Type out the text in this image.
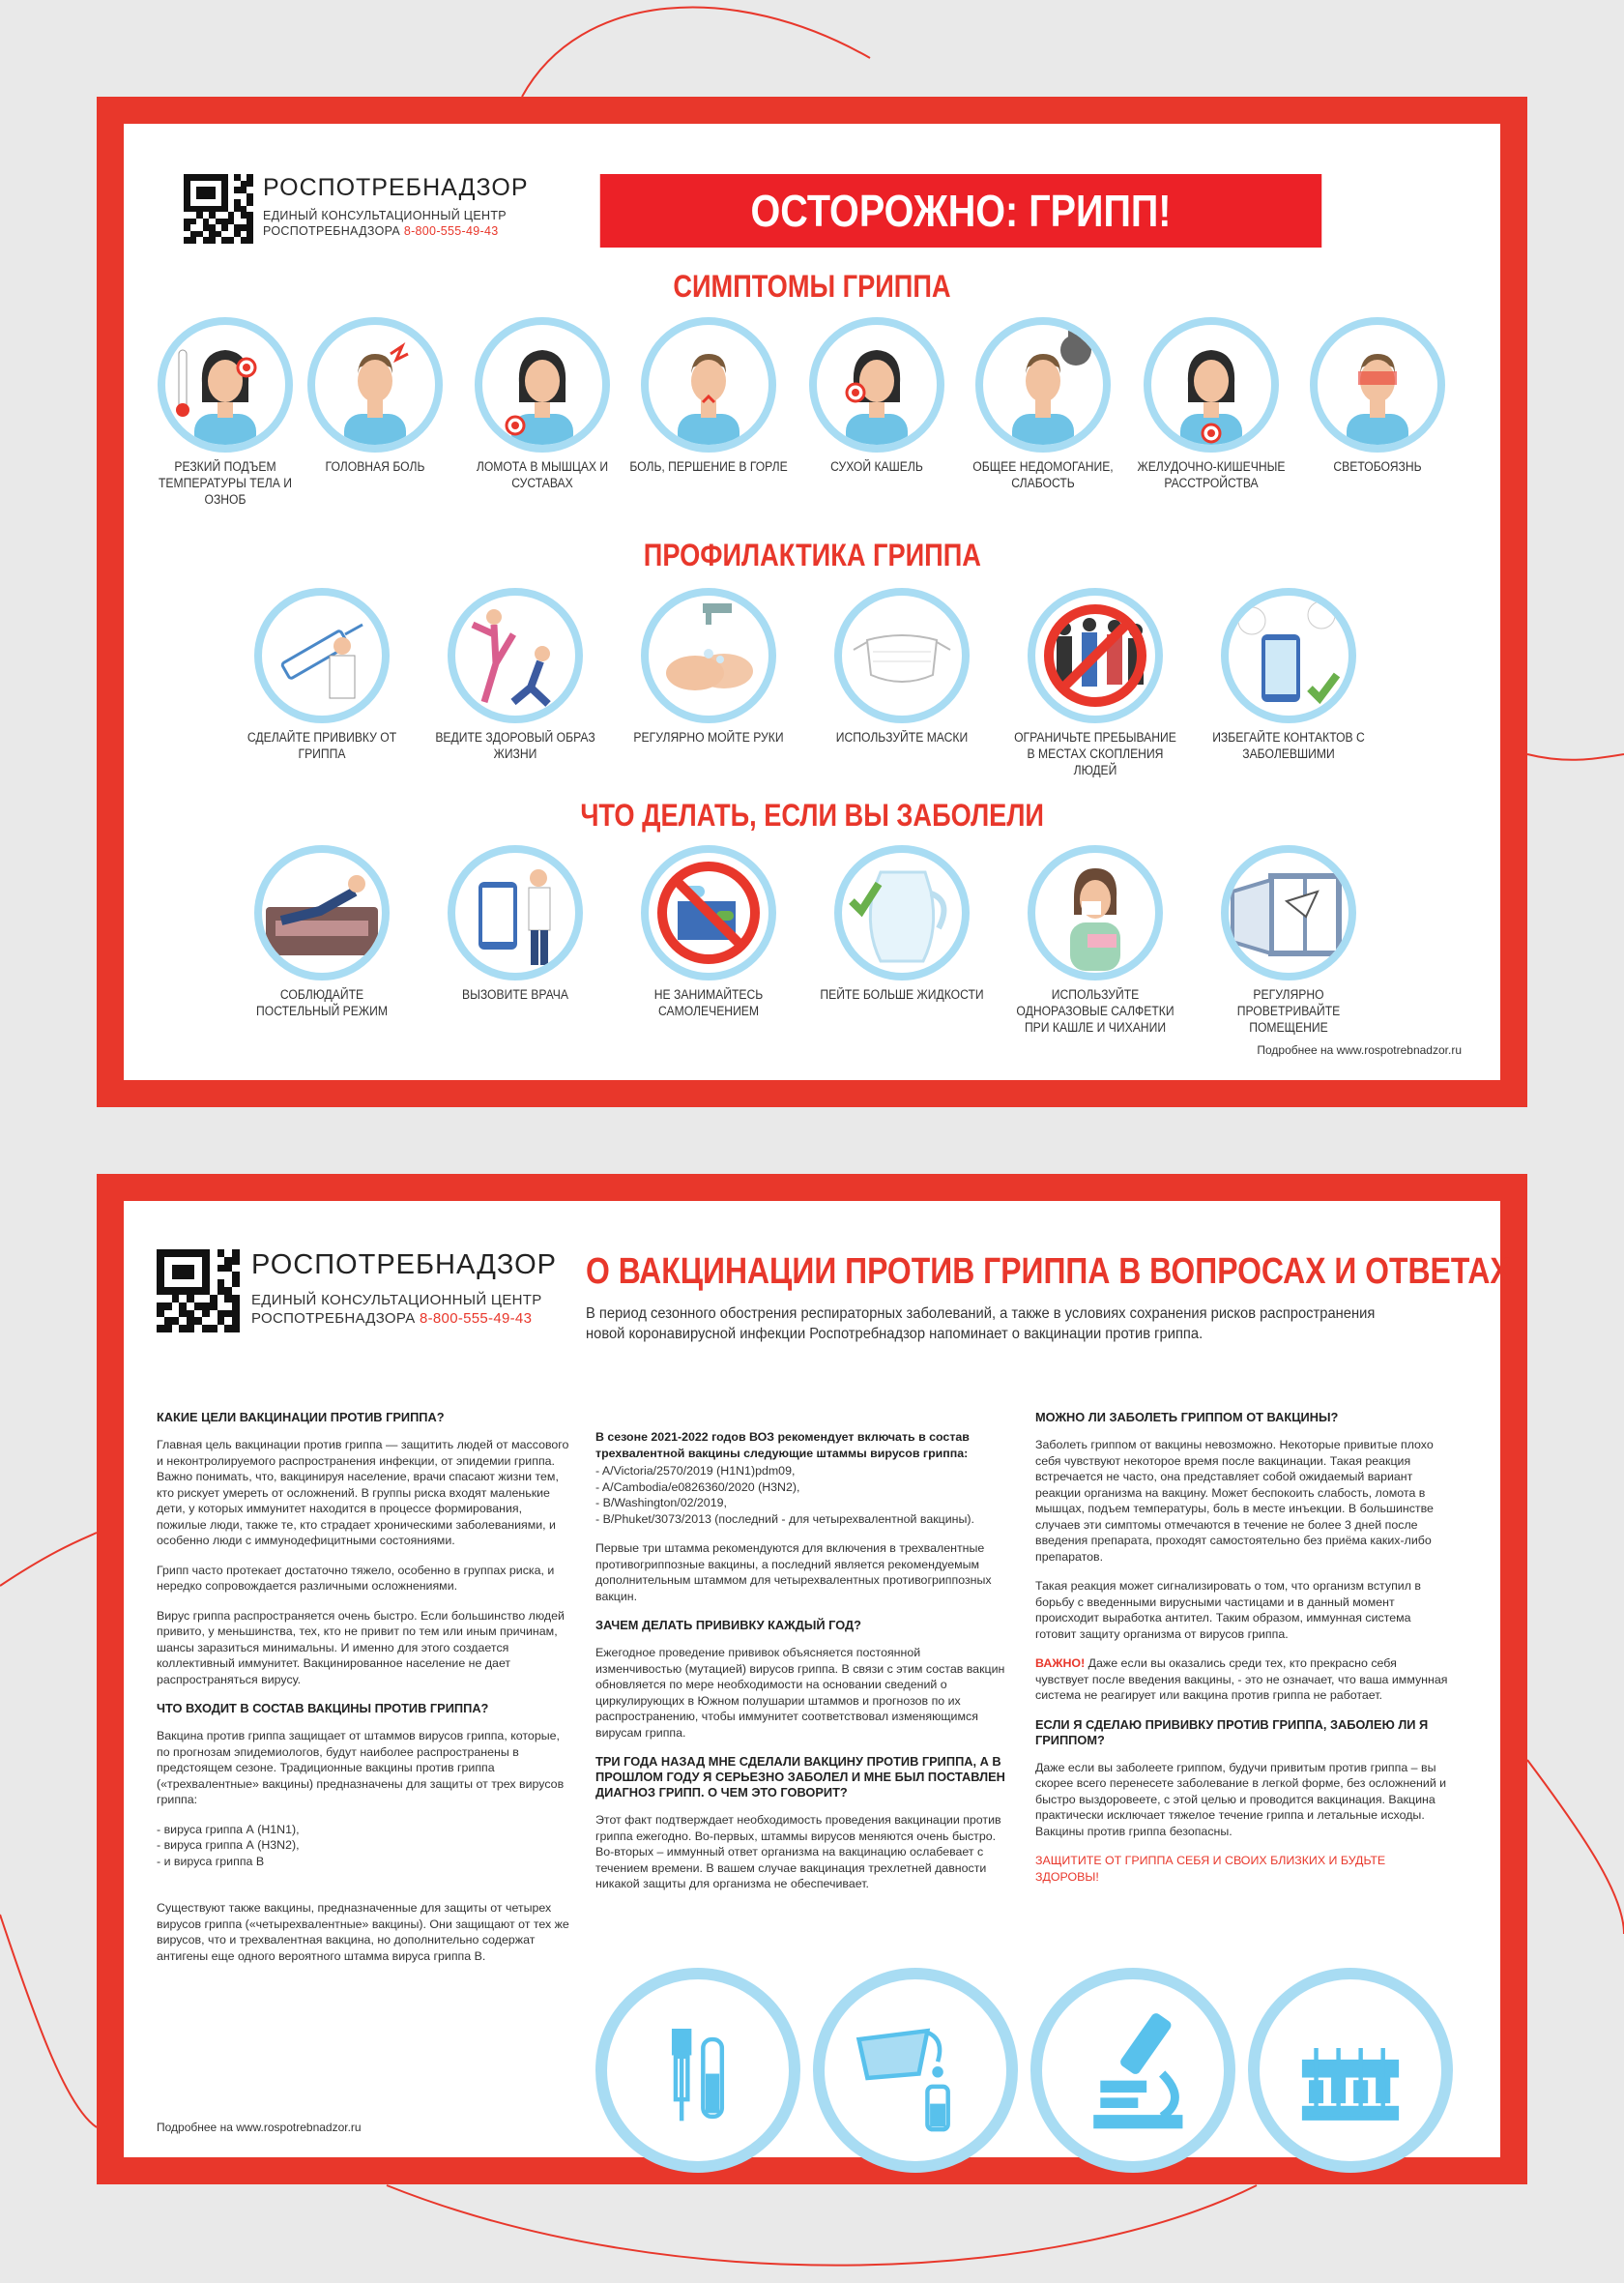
РОСПОТРЕБНАДЗОР
ЕДИНЫЙ КОНСУЛЬТАЦИОННЫЙ ЦЕНТР
РОСПОТРЕБНАДЗОРА 8-800-555-49-43	ОСТОРОЖНО: ГРИПП!
СИМПТОМЫ ГРИППА
РЕЗКИЙ ПОДЪЕМ ТЕМПЕРАТУРЫ ТЕЛА И ОЗНОБ
ГОЛОВНАЯ БОЛЬ	ЛОМОТА В МЫШЦАХ И СУСТАВАХ
БОЛЬ, ПЕРШЕНИЕ В ГОРЛЕ	СУХОЙ КАШЕЛЬ	ОБЩЕЕ НЕДОМОГАНИЕ, СЛАБОСТЬ
ЖЕЛУДОЧНО-КИШЕЧНЫЕ РАССТРОЙСТВА
СВЕТОБОЯЗНЬ
ПРОФИЛАКТИКА ГРИППА
СДЕЛАЙТЕ ПРИВИВКУ ОТ ГРИППА
ВЕДИТЕ ЗДОРОВЫЙ ОБРАЗ ЖИЗНИ
РЕГУЛЯРНО МОЙТЕ РУКИ	ИСПОЛЬЗУЙТЕ МАСКИ	ОГРАНИЧЬТЕ ПРЕБЫВАНИЕ В МЕСТАХ СКОПЛЕНИЯ ЛЮДЕЙ
ИЗБЕГАЙТЕ КОНТАКТОВ С ЗАБОЛЕВШИМИ
ЧТО ДЕЛАТЬ, ЕСЛИ ВЫ ЗАБОЛЕЛИ
СОБЛЮДАЙТЕ ПОСТЕЛЬНЫЙ РЕЖИМ
ВЫЗОВИТЕ ВРАЧА	НЕ ЗАНИМАЙТЕСЬ САМОЛЕЧЕНИЕМ
ПЕЙТЕ БОЛЬШЕ ЖИДКОСТИ	ИСПОЛЬЗУЙТЕ ОДНОРАЗОВЫЕ САЛФЕТКИ ПРИ КАШЛЕ И ЧИХАНИИ
РЕГУЛЯРНО ПРОВЕТРИВАЙТЕ ПОМЕЩЕНИЕ
Подробнее на www.rospotrebnadzor.ru
РОСПОТРЕБНАДЗОР
ЕДИНЫЙ КОНСУЛЬТАЦИОННЫЙ ЦЕНТР
РОСПОТРЕБНАДЗОРА 8-800-555-49-43
О ВАКЦИНАЦИИ ПРОТИВ ГРИППА В ВОПРОСАХ И ОТВЕТАХ
В период сезонного обострения респираторных заболеваний, а также в условиях сохранения рисков распространения новой коронавирусной инфекции Роспотребнадзор напоминает о вакцинации против гриппа.
КАКИЕ ЦЕЛИ ВАКЦИНАЦИИ ПРОТИВ ГРИППА?

Главная цель вакцинации против гриппа — защитить людей от массового и неконтролируемого распространения инфекции, от эпидемии гриппа. Важно понимать, что, вакцинируя население, врачи спасают жизни тем, кто рискует умереть от осложнений. В группы риска входят маленькие дети, у которых иммунитет находится в процессе формирования, пожилые люди, также те, кто страдает хроническими заболеваниями, и особенно люди с иммунодефицитными состояниями.

Грипп часто протекает достаточно тяжело, особенно в группах риска, и нередко сопровождается различными осложнениями.

Вирус гриппа распространяется очень быстро. Если большинство людей привито, у меньшинства, тех, кто не привит по тем или иным причинам, шансы заразиться минимальны. И именно для этого создается коллективный иммунитет. Вакцинированное население не дает распространяться вирусу.

ЧТО ВХОДИТ В СОСТАВ ВАКЦИНЫ ПРОТИВ ГРИППА?

Вакцина против гриппа защищает от штаммов вирусов гриппа, которые, по прогнозам эпидемиологов, будут наиболее распространены в предстоящем сезоне. Традиционные вакцины против гриппа («трехвалентные» вакцины) предназначены для защиты от трех вирусов гриппа:

- вируса гриппа А (H1N1),
- вируса гриппа А (H3N2),
- и вируса гриппа В

Существуют также вакцины, предназначенные для защиты от четырех вирусов гриппа («четырехвалентные» вакцины). Они защищают от тех же вирусов, что и трехвалентная вакцина, но дополнительно содержат антигены еще одного вероятного штамма вируса гриппа B.

В сезоне 2021-2022 годов ВОЗ рекомендует включать в состав трехвалентной вакцины следующие штаммы вирусов гриппа:

- A/Victoria/2570/2019 (H1N1)pdm09,
- A/Cambodia/e0826360/2020 (H3N2),
- B/Washington/02/2019,
- B/Phuket/3073/2013 (последний - для четырехвалентной вакцины).

Первые три штамма рекомендуются для включения в трехвалентные противогриппозные вакцины, а последний является рекомендуемым дополнительным штаммом для четырехвалентных противогриппозных вакцин.

ЗАЧЕМ ДЕЛАТЬ ПРИВИВКУ КАЖДЫЙ ГОД?

Ежегодное проведение прививок объясняется постоянной изменчивостью (мутацией) вирусов гриппа. В связи с этим состав вакцин обновляется по мере необходимости на основании сведений о циркулирующих в Южном полушарии штаммов и прогнозов по их распространению, чтобы иммунитет соответствовал изменяющимся вирусам гриппа.

ТРИ ГОДА НАЗАД МНЕ СДЕЛАЛИ ВАКЦИНУ ПРОТИВ ГРИППА, А В ПРОШЛОМ ГОДУ Я СЕРЬЕЗНО ЗАБОЛЕЛ И МНЕ БЫЛ ПОСТАВЛЕН ДИАГНОЗ ГРИПП. О ЧЕМ ЭТО ГОВОРИТ?

Этот факт подтверждает необходимость проведения вакцинации против гриппа ежегодно. Во-первых, штаммы вирусов меняются очень быстро. Во-вторых – иммунный ответ организма на вакцинацию ослабевает с течением времени. В вашем случае вакцинация трехлетней давности никакой защиты для организма не обеспечивает.

МОЖНО ЛИ ЗАБОЛЕТЬ ГРИППОМ ОТ ВАКЦИНЫ?

Заболеть гриппом от вакцины невозможно. Некоторые привитые плохо себя чувствуют некоторое время после вакцинации. Такая реакция встречается не часто, она представляет собой ожидаемый вариант реакции организма на вакцину. Может беспокоить слабость, ломота в мышцах, подъем температуры, боль в месте инъекции. В большинстве случаев эти симптомы отмечаются в течение не более 3 дней после введения препарата, проходят самостоятельно без приёма каких-либо препаратов.

Такая реакция может сигнализировать о том, что организм вступил в борьбу с введенными вирусными частицами и в данный момент происходит выработка антител. Таким образом, иммунная система готовит защиту организма от вирусов гриппа.

ВАЖНО! Даже если вы оказались среди тех, кто прекрасно себя чувствует после введения вакцины, - это не означает, что ваша иммунная система не реагирует или вакцина против гриппа не работает.

ЕСЛИ Я СДЕЛАЮ ПРИВИВКУ ПРОТИВ ГРИППА, ЗАБОЛЕЮ ЛИ Я ГРИППОМ?

Даже если вы заболеете гриппом, будучи привитым против гриппа – вы скорее всего перенесете заболевание в легкой форме, без осложнений и быстро выздоровеете, с этой целью и проводится вакцинация. Вакцина практически исключает тяжелое течение гриппа и летальные исходы. Вакцины против гриппа безопасны.

ЗАЩИТИТЕ ОТ ГРИППА СЕБЯ И СВОИХ БЛИЗКИХ И БУДЬТЕ ЗДОРОВЫ!

Подробнее на www.rospotrebnadzor.ru
